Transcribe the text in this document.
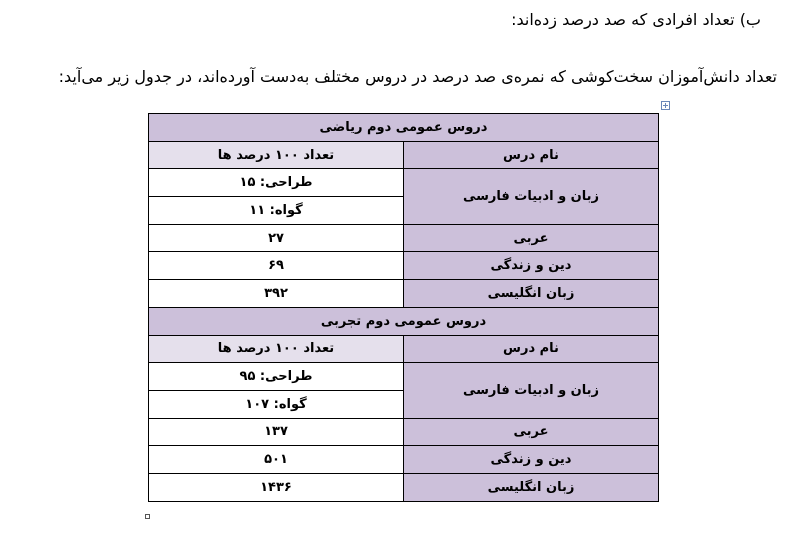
ب) تعداد افرادی که صد درصد زده‌اند:
تعداد دانش‌آموزان سخت‌کوشی که نمره‌ی صد درصد در دروس مختلف به‌دست آورده‌اند، در جدول زیر می‌آید:
دروس عمومی دوم ریاضی	
نام درس	تعداد ۱۰۰ درصد ها
زبان و ادبیات فارسی	طراحی: ۱۵
	گواه: ۱۱
عربی	۲۷
دین و زندگی	۶۹
زبان انگلیسی	۳۹۲
دروس عمومی دوم تجربی	
نام درس	تعداد ۱۰۰ درصد ها
زبان و ادبیات فارسی	طراحی: ۹۵
	گواه: ۱۰۷
عربی	۱۳۷
دین و زندگی	۵۰۱
زبان انگلیسی	۱۴۳۶
